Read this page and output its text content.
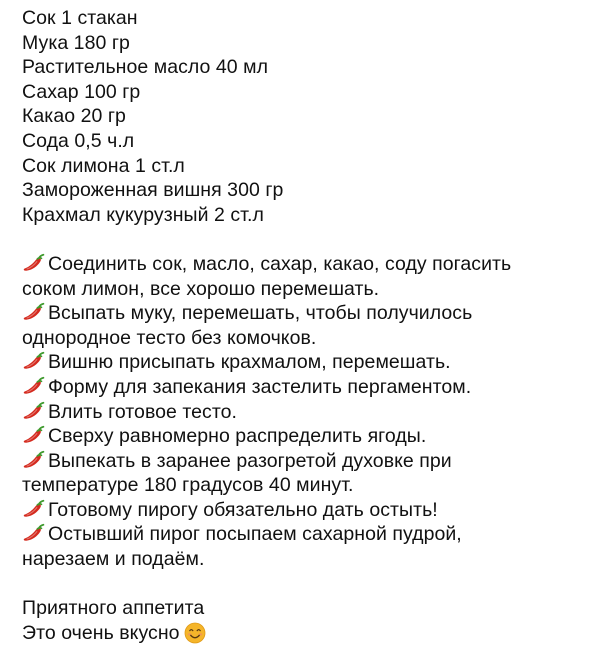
Сок 1 стакан
Мука 180 гр
Растительное масло 40 мл
Сахар 100 гр
Какао 20 гр
Сода 0,5 ч.л
Сок лимона 1 ст.л
Замороженная вишня 300 гр
Крахмал кукурузный 2 ст.л
Соединить сок, масло, сахар, какао, соду погасить
соком лимон, все хорошо перемешать.
Всыпать муку, перемешать, чтобы получилось
однородное тесто без комочков.
Вишню присыпать крахмалом, перемешать.
Форму для запекания застелить пергаментом.
Влить готовое тесто.
Сверху равномерно распределить ягоды.
Выпекать в заранее разогретой духовке при
температуре 180 градусов 40 минут.
Готовому пирогу обязательно дать остыть!
Остывший пирог посыпаем сахарной пудрой,
нарезаем и подаём.
Приятного аппетита
Это очень вкусно
